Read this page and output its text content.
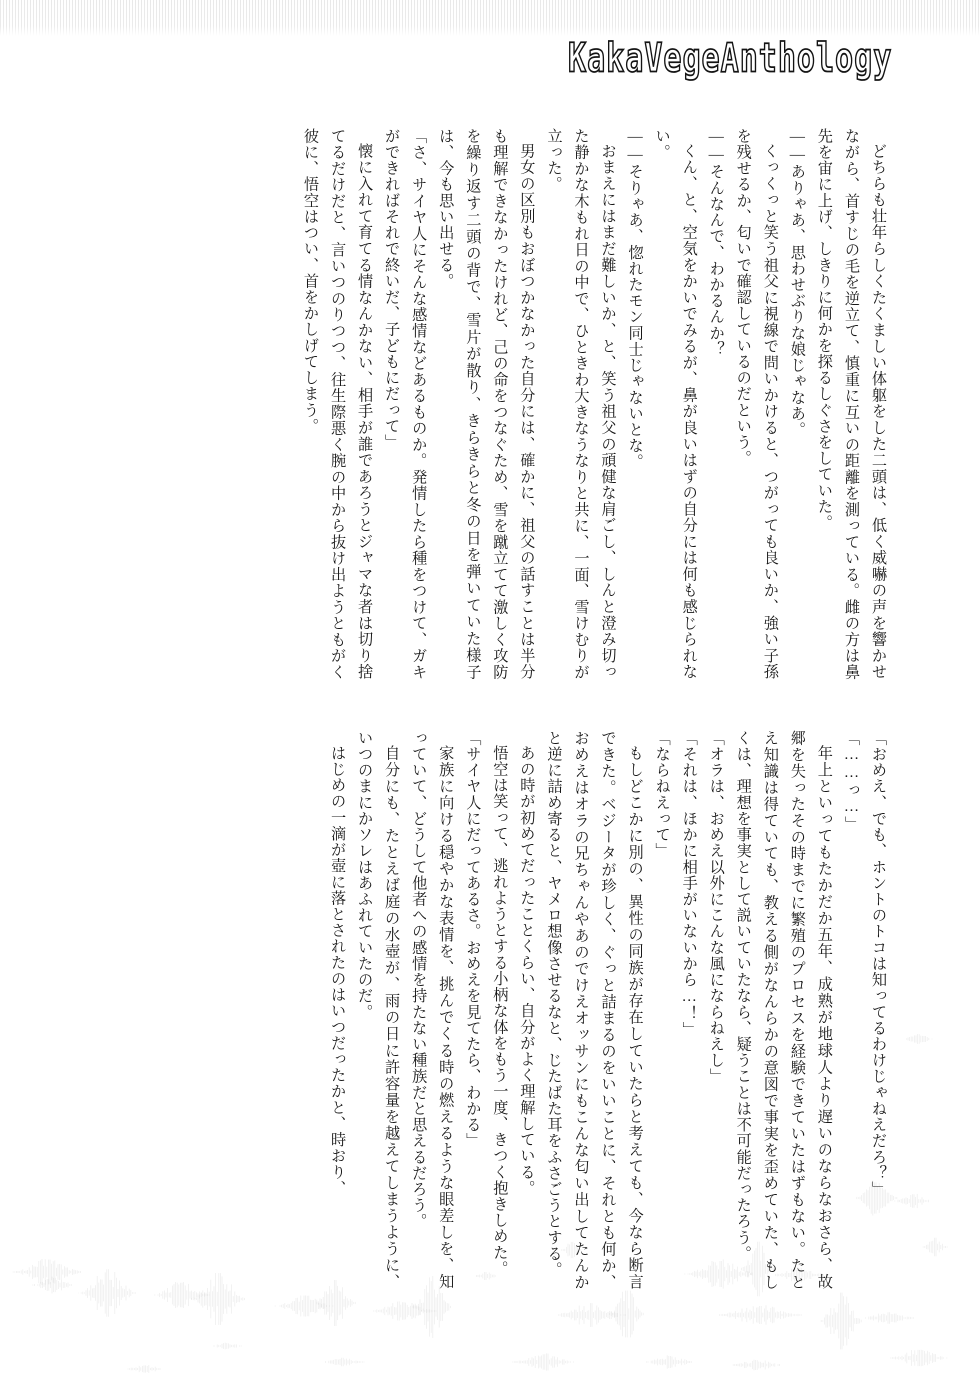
KakaVegeAnthology

どちらも壮年らしくたくましい体躯をした二頭は、低く威嚇の声を響かせながら、首すじの毛を逆立て、慎重に互いの距離を測っている。雌の方は鼻先を宙に上げ、しきりに何かを探るしぐさをしていた。

――ありゃあ、思わせぶりな娘じゃなあ。

くっくっと笑う祖父に視線で問いかけると、つがっても良いか、強い子孫を残せるか、匂いで確認しているのだという。

――そんなんで、わかるんか？

くん、と、空気をかいでみるが、鼻が良いはずの自分には何も感じられない。

――そりゃあ、惚れたモン同士じゃないとな。

おまえにはまだ難しいか、と、笑う祖父の頑健な肩ごし、しんと澄み切った静かな木もれ日の中で、ひときわ大きなうなりと共に、一面、雪けむりが立った。

男女の区別もおぼつかなかった自分には、確かに、祖父の話すことは半分も理解できなかったけれど、己の命をつなぐため、雪を蹴立てて激しく攻防を繰り返す二頭の背で、雪片が散り、きらきらと冬の日を弾いていた様子は、今も思い出せる。

「さ、サイヤ人にそんな感情などあるものか。発情したら種をつけて、ガキができればそれで終いだ、子どもにだって」

懐に入れて育てる情なんかない、相手が誰であろうとジャマな者は切り捨てるだけだと、言いつのりつつ、往生際悪く腕の中から抜け出ようともがく彼に、悟空はつい、首をかしげてしまう。

「おめえ、でも、ホントのトコは知ってるわけじゃねえだろ？」

「……っ…」

年上といってもたかだか五年、成熟が地球人より遅いのならなおさら、故郷を失ったその時までに繁殖のプロセスを経験できていたはずもない。たとえ知識は得ていても、教える側がなんらかの意図で事実を歪めていた、もしくは、理想を事実として説いていたなら、疑うことは不可能だったろう。

「オラは、おめえ以外にこんな風にならねえし」

「それは、ほかに相手がいないから…！」

「ならねえって」

もしどこかに別の、異性の同族が存在していたらと考えても、今なら断言できた。ベジータが珍しく、ぐっと詰まるのをいいことに、それとも何か、おめえはオラの兄ちゃんやあのでけえオッサンにもこんな匂い出してたんかと逆に詰め寄ると、ヤメロ想像させるなと、じたばた耳をふさごうとする。

あの時が初めてだったことくらい、自分がよく理解している。

悟空は笑って、逃れようとする小柄な体をもう一度、きつく抱きしめた。

「サイヤ人にだってあるさ。おめえを見てたら、わかる」

家族に向ける穏やかな表情を、挑んでくる時の燃えるような眼差しを、知っていて、どうして他者への感情を持たない種族だと思えるだろう。

自分にも、たとえば庭の水壺が、雨の日に許容量を越えてしまうように、いつのまにかソレはあふれていたのだ。

はじめの一滴が壺に落とされたのはいつだったかと、時おり、
